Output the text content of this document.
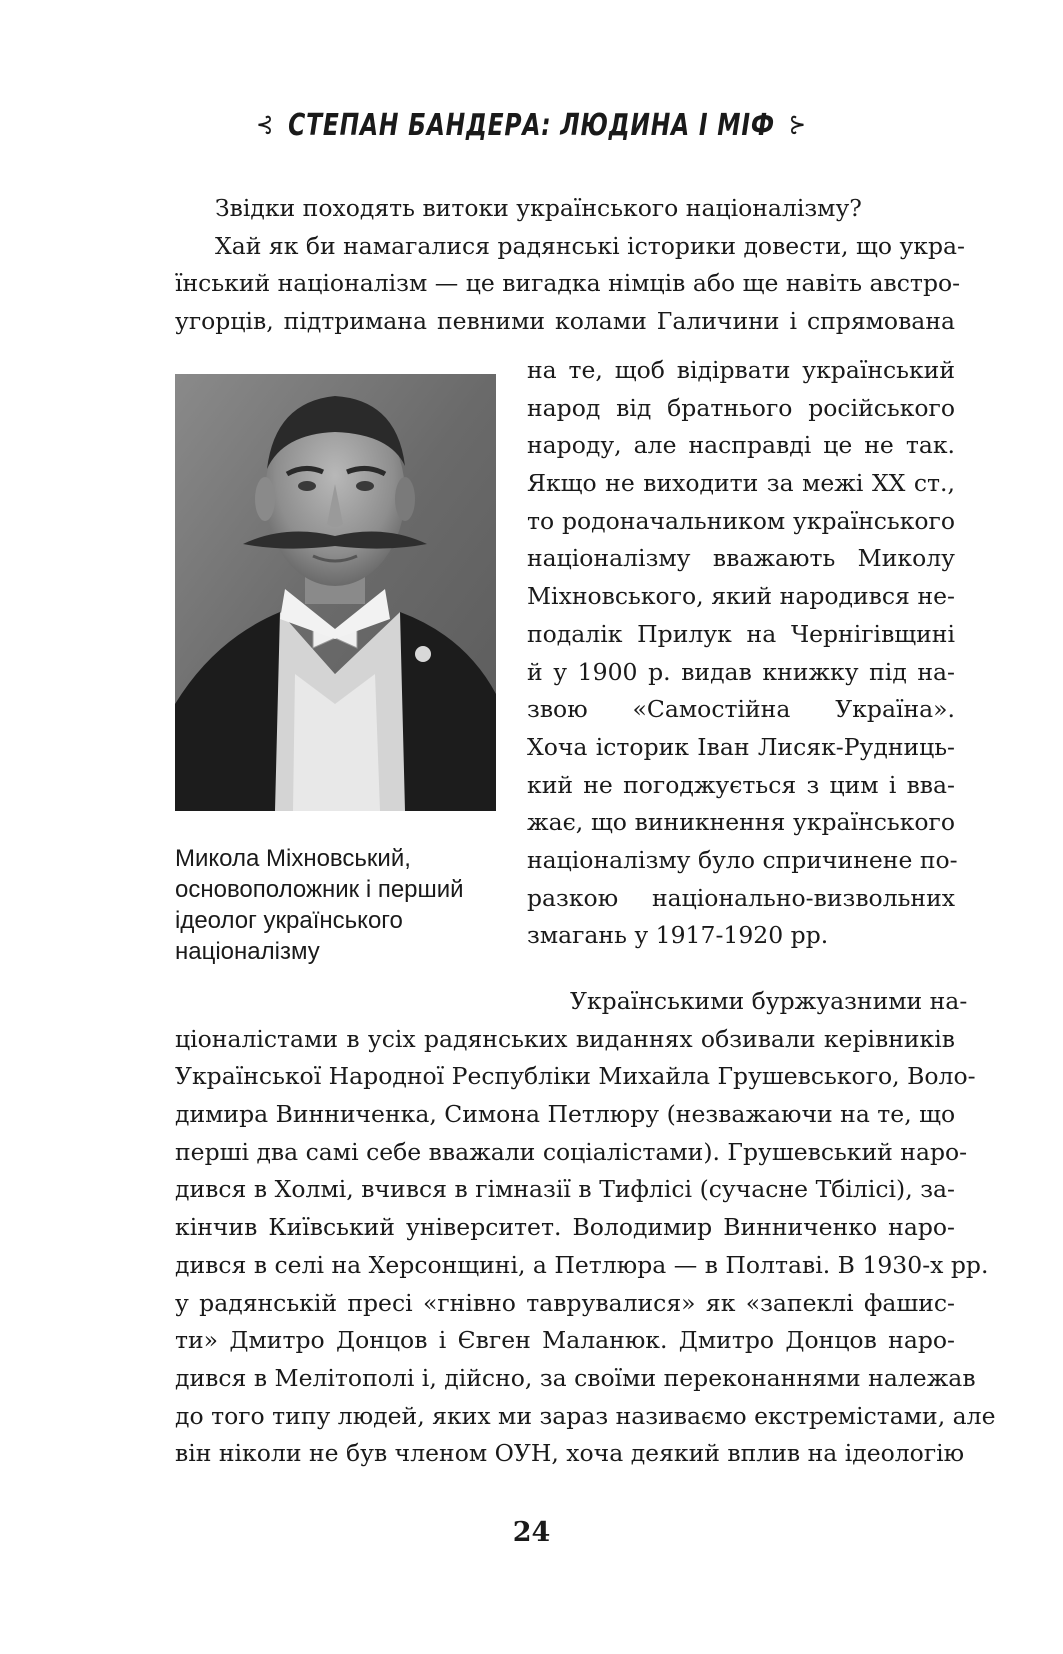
⊰ СТЕПАН БАНДЕРА: ЛЮДИНА І МІФ ⊱
Звідки походять витоки українського націоналізму?
Хай як би намагалися радянські історики довести, що укра-
їнський націоналізм — це вигадка німців або ще навіть австро-
угорців, підтримана певними колами Галичини і спрямована
Микола Міхновський,
основоположник і перший
ідеолог українського
націоналізму
на те, щоб відірвати український
народ від братнього російського
народу, але насправді це не так.
Якщо не виходити за межі XX ст.,
то родоначальником українського
націоналізму вважають Миколу
Міхновського, який народився не-
подалік Прилук на Чернігівщині
й у 1900 р. видав книжку під на-
звою «Самостійна Україна».
Хоча історик Іван Лисяк-Рудниць-
кий не погоджується з цим і вва-
жає, що виникнення українського
націоналізму було спричинене по-
разкою національно-визвольних
змагань у 1917-1920 рр.
Українськими буржуазними на-
ціоналістами в усіх радянських виданнях обзивали керівників
Української Народної Республіки Михайла Грушевського, Воло-
димира Винниченка, Симона Петлюру (незважаючи на те, що
перші два самі себе вважали соціалістами). Грушевський наро-
дився в Холмі, вчився в гімназії в Тифлісі (сучасне Тбілісі), за-
кінчив Київський університет. Володимир Винниченко наро-
дився в селі на Херсонщині, а Петлюра — в Полтаві. В 1930-х рр.
у радянській пресі «гнівно таврувалися» як «запеклі фашис-
ти» Дмитро Донцов і Євген Маланюк. Дмитро Донцов наро-
дився в Мелітополі і, дійсно, за своїми переконаннями належав
до того типу людей, яких ми зараз називаємо екстремістами, але
він ніколи не був членом ОУН, хоча деякий вплив на ідеологію
24
